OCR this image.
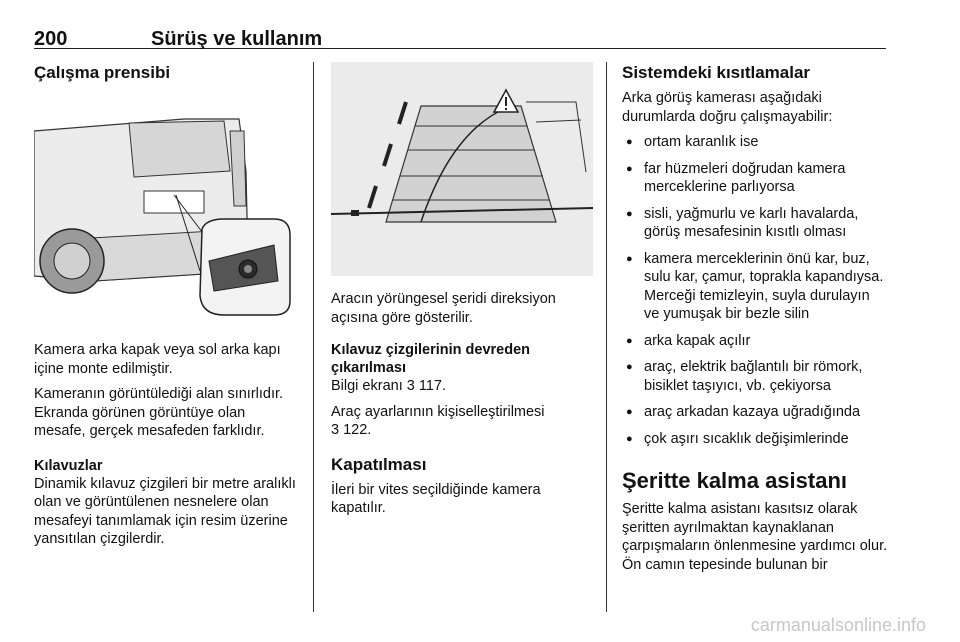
200	Sürüş ve kullanım
Çalışma prensibi

Kamera arka kapak veya sol arka kapı içine monte edilmiştir.

Kameranın görüntülediği alan sınırlıdır. Ekranda görünen görüntüye olan mesafe, gerçek mesafeden farklıdır.

Kılavuzlar

Dinamik kılavuz çizgileri bir metre aralıklı olan ve görüntülenen nesnelere olan mesafeyi tanımlamak için resim üzerine yansıtılan çizgilerdir.

Aracın yörüngesel şeridi direksiyon açısına göre gösterilir.

Kılavuz çizgilerinin devreden çıkarılması

Bilgi ekranı 3 117.

Araç ayarlarının kişiselleştirilmesi
3 122.

Kapatılması

İleri bir vites seçildiğinde kamera kapatılır.

Sistemdeki kısıtlamalar

Arka görüş kamerası aşağıdaki durumlarda doğru çalışmayabilir:

● ortam karanlık ise
● far hüzmeleri doğrudan kamera merceklerine parlıyorsa
● sisli, yağmurlu ve karlı havalarda, görüş mesafesinin kısıtlı olması
● kamera merceklerinin önü kar, buz, sulu kar, çamur, toprakla kapandıysa. Merceği temizleyin, suyla durulayın ve yumuşak bir bezle silin
● arka kapak açılır
● araç, elektrik bağlantılı bir römork, bisiklet taşıyıcı, vb. çekiyorsa
● araç arkadan kazaya uğradığında
● çok aşırı sıcaklık değişimlerinde
Şeritte kalma asistanı

Şeritte kalma asistanı kasıtsız olarak şeritten ayrılmaktan kaynaklanan çarpışmaların önlenmesine yardımcı olur. Ön camın tepesinde bulunan bir

carmanualsonline.info
